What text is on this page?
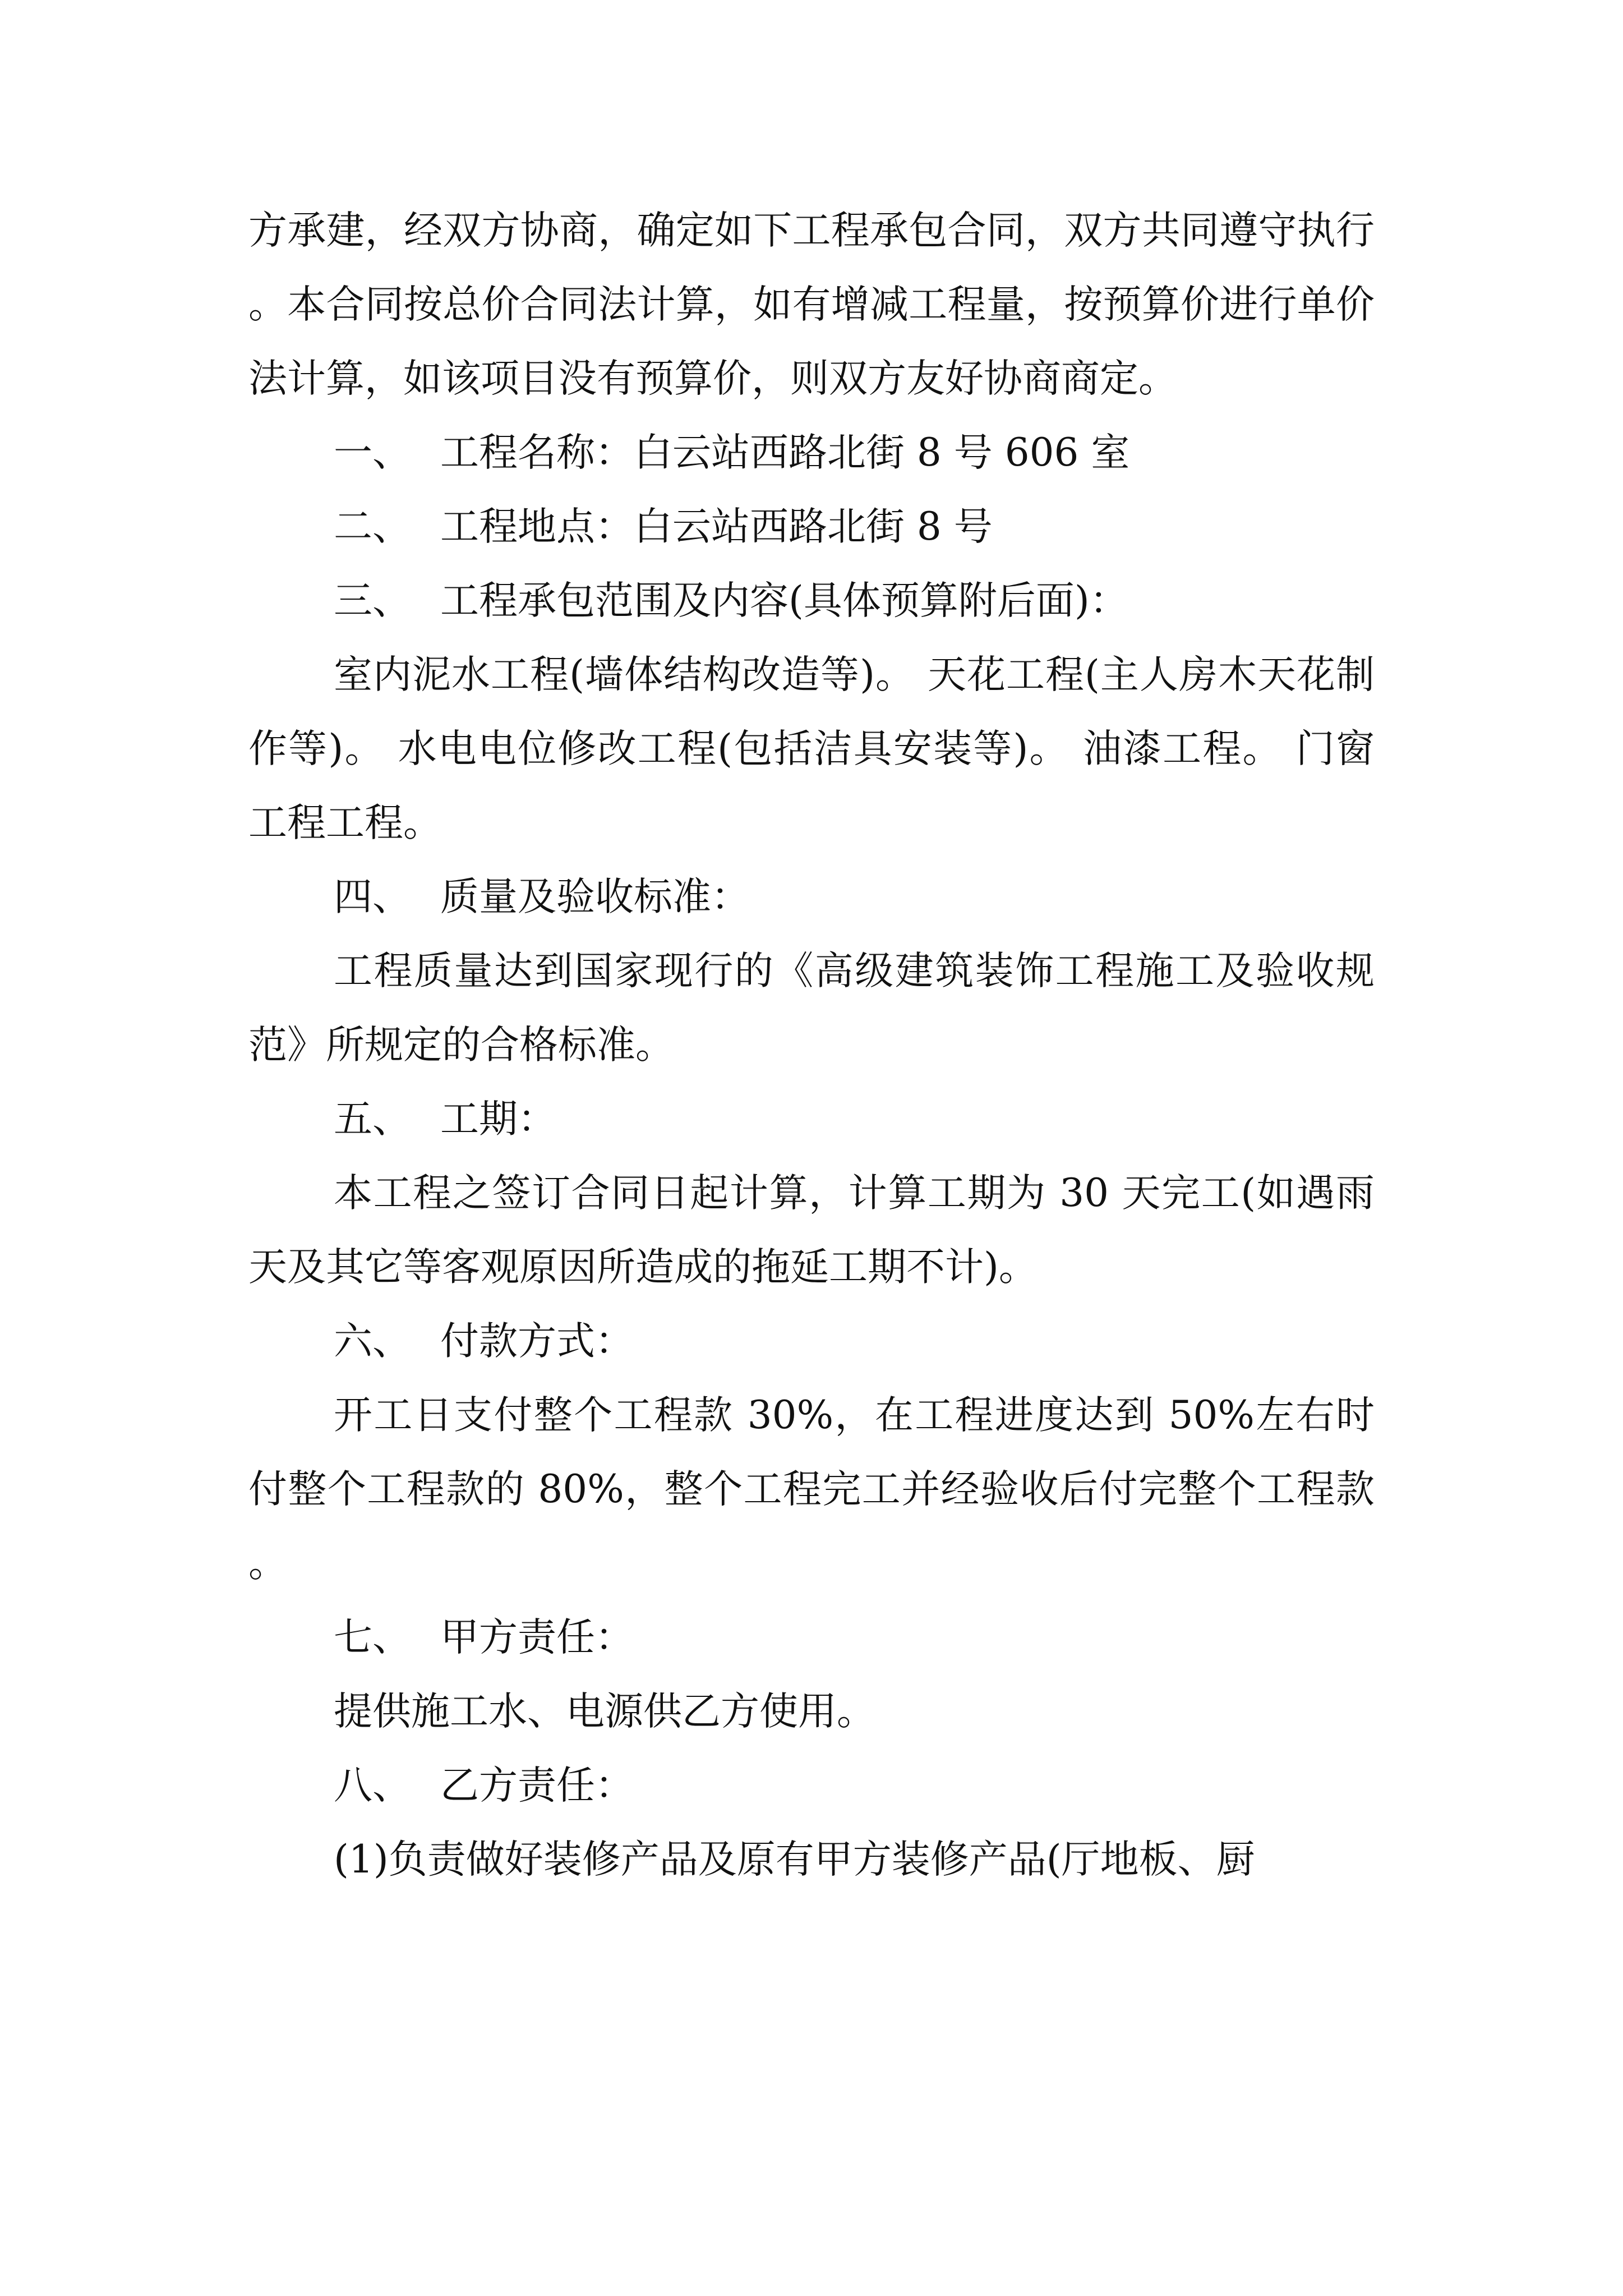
方承建，经双方协商，确定如下工程承包合同，双方共同遵守执行。本合同按总价合同法计算，如有增减工程量，按预算价进行单价法计算，如该项目没有预算价，则双方友好协商商定。

一、 工程名称：白云站西路北街 8 号 606 室

二、 工程地点：白云站西路北街 8 号

三、 工程承包范围及内容(具体预算附后面)：

室内泥水工程(墙体结构改造等)。 天花工程(主人房木天花制作等)。 水电电位修改工程(包括洁具安装等)。 油漆工程。 门窗工程工程。

四、 质量及验收标准：

工程质量达到国家现行的《高级建筑装饰工程施工及验收规范》所规定的合格标准。

五、 工期：

本工程之签订合同日起计算，计算工期为 30 天完工(如遇雨天及其它等客观原因所造成的拖延工期不计)。

六、 付款方式：

开工日支付整个工程款 30%，在工程进度达到 50%左右时付整个工程款的 80%，整个工程完工并经验收后付完整个工程款。

七、 甲方责任：

提供施工水、电源供乙方使用。

八、 乙方责任：

(1)负责做好装修产品及原有甲方装修产品(厅地板、厨
